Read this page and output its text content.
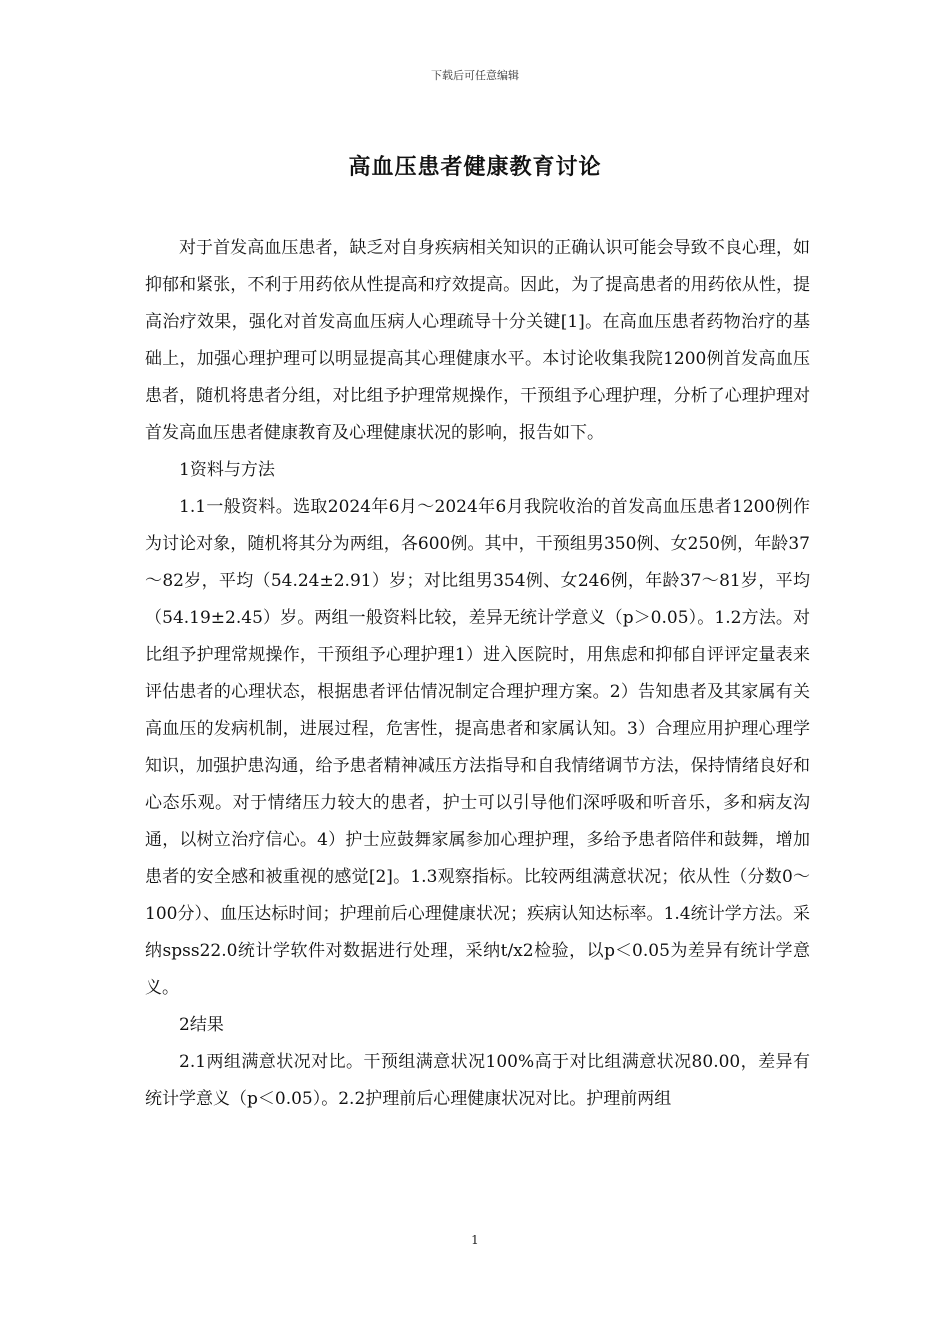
下载后可任意编辑
高血压患者健康教育讨论

对于首发高血压患者，缺乏对自身疾病相关知识的正确认识可能会导致不良心理，如抑郁和紧张，不利于用药依从性提高和疗效提高。因此，为了提高患者的用药依从性，提高治疗效果，强化对首发高血压病人心理疏导十分关键[1]。在高血压患者药物治疗的基础上，加强心理护理可以明显提高其心理健康水平。本讨论收集我院1200例首发高血压患者，随机将患者分组，对比组予护理常规操作，干预组予心理护理，分析了心理护理对首发高血压患者健康教育及心理健康状况的影响，报告如下。

1资料与方法

1.1一般资料。选取2024年6月～2024年6月我院收治的首发高血压患者1200例作为讨论对象，随机将其分为两组，各600例。其中，干预组男350例、女250例，年龄37～82岁，平均（54.24±2.91）岁；对比组男354例、女246例，年龄37～81岁，平均（54.19±2.45）岁。两组一般资料比较，差异无统计学意义（p＞0.05）。1.2方法。对比组予护理常规操作，干预组予心理护理1）进入医院时，用焦虑和抑郁自评评定量表来评估患者的心理状态，根据患者评估情况制定合理护理方案。2）告知患者及其家属有关高血压的发病机制，进展过程，危害性，提高患者和家属认知。3）合理应用护理心理学知识，加强护患沟通，给予患者精神减压方法指导和自我情绪调节方法，保持情绪良好和心态乐观。对于情绪压力较大的患者，护士可以引导他们深呼吸和听音乐，多和病友沟通，以树立治疗信心。4）护士应鼓舞家属参加心理护理，多给予患者陪伴和鼓舞，增加患者的安全感和被重视的感觉[2]。1.3观察指标。比较两组满意状况；依从性（分数0～100分）、血压达标时间；护理前后心理健康状况；疾病认知达标率。1.4统计学方法。采纳spss22.0统计学软件对数据进行处理，采纳t/x2检验，以p＜0.05为差异有统计学意义。

2结果

2.1两组满意状况对比。干预组满意状况100%高于对比组满意状况80.00，差异有统计学意义（p＜0.05）。2.2护理前后心理健康状况对比。护理前两组

1
